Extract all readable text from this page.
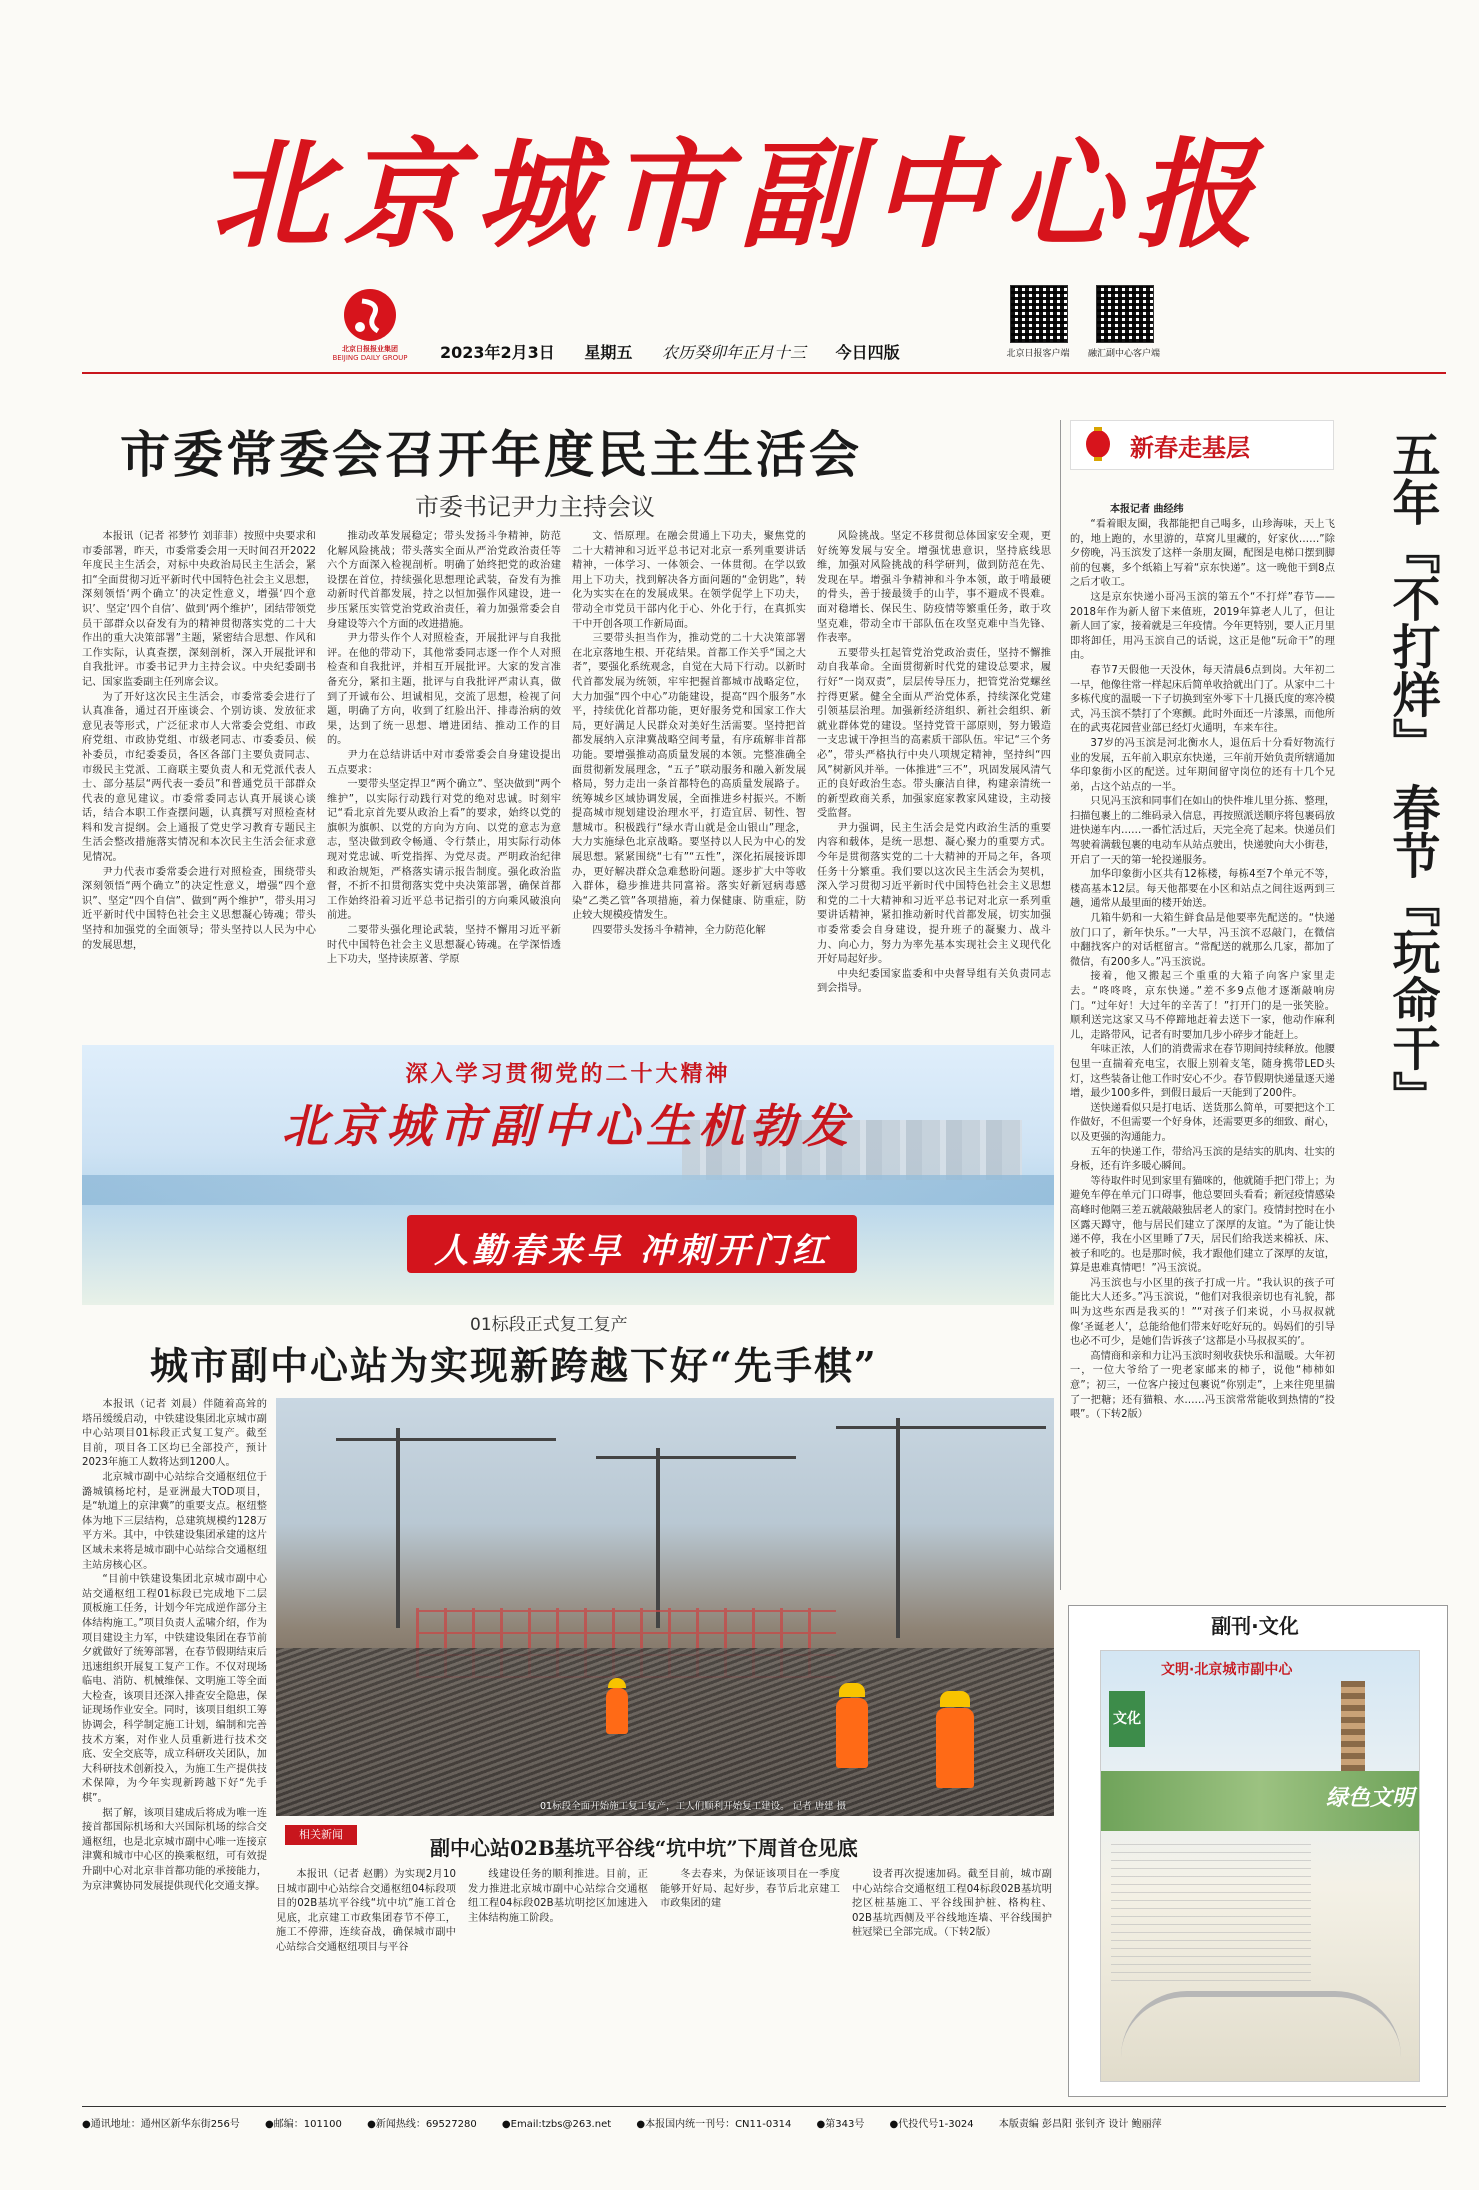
北京城市副中心报
北京日报报业集团
BEIJING DAILY GROUP 2023年2月3日 星期五 农历癸卯年正月十三 今日四版	北京日报客户端	融汇副中心客户端
市委常委会召开年度民主生活会
市委书记尹力主持会议

本报讯（记者 祁梦竹 刘菲菲）按照中央要求和市委部署，昨天，市委常委会用一天时间召开2022年度民主生活会，对标中央政治局民主生活会，紧扣“全面贯彻习近平新时代中国特色社会主义思想，深刻领悟‘两个确立’的决定性意义，增强‘四个意识’、坚定‘四个自信’、做到‘两个维护’，团结带领党员干部群众以奋发有为的精神贯彻落实党的二十大作出的重大决策部署”主题，紧密结合思想、作风和工作实际，认真查摆，深刻剖析，深入开展批评和自我批评。市委书记尹力主持会议。中央纪委副书记、国家监委副主任列席会议。

为了开好这次民主生活会，市委常委会进行了认真准备，通过召开座谈会、个别访谈、发放征求意见表等形式，广泛征求市人大常委会党组、市政府党组、市政协党组、市级老同志、市委委员、候补委员，市纪委委员，各区各部门主要负责同志、市级民主党派、工商联主要负责人和无党派代表人士、部分基层“两代表一委员”和普通党员干部群众代表的意见建议。市委常委同志认真开展谈心谈话，结合本职工作查摆问题，认真撰写对照检查材料和发言提纲。会上通报了党史学习教育专题民主生活会整改措施落实情况和本次民主生活会征求意见情况。

尹力代表市委常委会进行对照检查，围绕带头深刻领悟“两个确立”的决定性意义，增强“四个意识”、坚定“四个自信”、做到“两个维护”，带头用习近平新时代中国特色社会主义思想凝心铸魂；带头坚持和加强党的全面领导；带头坚持以人民为中心的发展思想，

推动改革发展稳定；带头发扬斗争精神，防范化解风险挑战；带头落实全面从严治党政治责任等六个方面深入检视剖析。明确了始终把党的政治建设摆在首位，持续强化思想理论武装，奋发有为推动新时代首都发展，持之以恒加强作风建设，进一步压紧压实管党治党政治责任，着力加强常委会自身建设等六个方面的改进措施。

尹力带头作个人对照检查，开展批评与自我批评。在他的带动下，其他常委同志逐一作个人对照检查和自我批评，并相互开展批评。大家的发言准备充分，紧扣主题，批评与自我批评严肃认真，做到了开诚布公、坦诚相见，交流了思想，检视了问题，明确了方向，收到了红脸出汗、排毒治病的效果，达到了统一思想、增进团结、推动工作的目的。

尹力在总结讲话中对市委常委会自身建设提出五点要求：

一要带头坚定捍卫“两个确立”、坚决做到“两个维护”，以实际行动践行对党的绝对忠诚。时刻牢记“看北京首先要从政治上看”的要求，始终以党的旗帜为旗帜、以党的方向为方向、以党的意志为意志，坚决做到政令畅通、令行禁止，用实际行动体现对党忠诚、听党指挥、为党尽责。严明政治纪律和政治规矩，严格落实请示报告制度。强化政治监督，不折不扣贯彻落实党中央决策部署，确保首都工作始终沿着习近平总书记指引的方向乘风破浪向前进。

二要带头强化理论武装，坚持不懈用习近平新时代中国特色社会主义思想凝心铸魂。在学深悟透上下功夫，坚持读原著、学原

文、悟原理。在融会贯通上下功夫，聚焦党的二十大精神和习近平总书记对北京一系列重要讲话精神，一体学习、一体领会、一体贯彻。在学以致用上下功夫，找到解决各方面问题的“金钥匙”，转化为实实在在的发展成果。在领学促学上下功夫，带动全市党员干部内化于心、外化于行，在真抓实干中开创各项工作新局面。

三要带头担当作为，推动党的二十大决策部署在北京落地生根、开花结果。首都工作关乎“国之大者”，要强化系统观念，自觉在大局下行动。以新时代首都发展为统领，牢牢把握首都城市战略定位，大力加强“四个中心”功能建设，提高“四个服务”水平，持续优化首都功能，更好服务党和国家工作大局，更好满足人民群众对美好生活需要。坚持把首都发展纳入京津冀战略空间考量，有序疏解非首都功能。要增强推动高质量发展的本领。完整准确全面贯彻新发展理念，“五子”联动服务和融入新发展格局，努力走出一条首都特色的高质量发展路子。统筹城乡区域协调发展，全面推进乡村振兴。不断提高城市规划建设治理水平，打造宜居、韧性、智慧城市。积极践行“绿水青山就是金山银山”理念，大力实施绿色北京战略。要坚持以人民为中心的发展思想。紧紧围绕“七有”“五性”，深化拓展接诉即办，更好解决群众急难愁盼问题。逐步扩大中等收入群体，稳步推进共同富裕。落实好新冠病毒感染“乙类乙管”各项措施，着力保健康、防重症，防止较大规模疫情发生。

四要带头发扬斗争精神，全力防范化解

风险挑战。坚定不移贯彻总体国家安全观，更好统筹发展与安全。增强忧患意识，坚持底线思维，加强对风险挑战的科学研判，做到防范在先、发现在早。增强斗争精神和斗争本领，敢于啃最硬的骨头，善于接最烫手的山芋，事不避成不畏难。面对稳增长、保民生、防疫情等繁重任务，敢于攻坚克难，带动全市干部队伍在攻坚克难中当先锋、作表率。

五要带头扛起管党治党政治责任，坚持不懈推动自我革命。全面贯彻新时代党的建设总要求，履行好“一岗双责”，层层传导压力，把管党治党螺丝拧得更紧。健全全面从严治党体系，持续深化党建引领基层治理。加强新经济组织、新社会组织、新就业群体党的建设。坚持党管干部原则，努力锻造一支忠诚干净担当的高素质干部队伍。牢记“三个务必”，带头严格执行中央八项规定精神，坚持纠“四风”树新风并举。一体推进“三不”，巩固发展风清气正的良好政治生态。带头廉洁自律，构建亲清统一的新型政商关系，加强家庭家教家风建设，主动接受监督。

尹力强调，民主生活会是党内政治生活的重要内容和载体，是统一思想、凝心聚力的重要方式。今年是贯彻落实党的二十大精神的开局之年，各项任务十分繁重。我们要以这次民主生活会为契机，深入学习贯彻习近平新时代中国特色社会主义思想和党的二十大精神和习近平总书记对北京一系列重要讲话精神，紧扣推动新时代首都发展，切实加强市委常委会自身建设，提升班子的凝聚力、战斗力、向心力，努力为率先基本实现社会主义现代化开好局起好步。

中央纪委国家监委和中央督导组有关负责同志到会指导。

新春走基层	五年『不打烊』 春节『玩命干』
本报记者 曲经纬

“看着眼友圈，我都能把自己喝多，山珍海味，天上飞的，地上跑的，水里游的，草窝儿里藏的，好家伙……”除夕傍晚，冯玉滨发了这样一条朋友圈，配图是电梯口摆到脚前的包裹，多个纸箱上写着“京东快递”。这一晚他干到8点之后才收工。

这是京东快递小哥冯玉滨的第五个“不打烊”春节——2018年作为新人留下来值班，2019年算老人儿了，但让新人回了家，接着就是三年疫情。今年更特别，要人正月里即将卸任，用冯玉滨自己的话说，这正是他“玩命干”的理由。

春节7天假他一天没休，每天清晨6点到岗。大年初二一早，他像往常一样起床后简单收拾就出门了。从家中二十多栋代度的温暖一下子切换到室外零下十几摄氏度的寒冷模式，冯玉滨不禁打了个寒颤。此时外面还一片漆黑，而他所在的武夷花园营业部已经灯火通明，车来车往。

37岁的冯玉滨是河北衡水人，退伍后十分看好物流行业的发展，五年前入职京东快递，三年前开始负责所辖通加华印象街小区的配送。过年期间留守岗位的还有十几个兄弟，占这个站点的一半。

只见冯玉滨和同事们在如山的快件堆儿里分拣、整理，扫描包裹上的二维码录入信息，再按照派送顺序将包裹码放进快递车内……一番忙活过后，天完全亮了起来。快递员们驾驶着满载包裹的电动车从站点驶出，快递驶向大小街巷，开启了一天的第一轮投递服务。

加华印象街小区共有12栋楼，每栋4至7个单元不等，楼高基本12层。每天他都要在小区和站点之间往返两到三趟，通常从最里面的楼开始送。

几箱牛奶和一大箱生鲜食品是他要率先配送的。“快递放门口了，新年快乐。”一大早，冯玉滨不忍敲门，在微信中翻找客户的对话框留言。“常配送的就那么几家，都加了微信，有200多人。”冯玉滨说。

接着，他又搬起三个重重的大箱子向客户家里走去。“咚咚咚，京东快递。”差不多9点他才逐渐敲响房门。“过年好！大过年的辛苦了！”打开门的是一张笑脸。顺利送完这家又马不停蹄地赶着去送下一家，他动作麻利儿，走路带风，记者有时要加几步小碎步才能赶上。

年味正浓，人们的消费需求在春节期间持续释放。他腰包里一直揣着充电宝，衣服上别着支笔，随身携带LED头灯，这些装备让他工作时安心不少。春节假期快递量逐天递增，最少100多件，到假日最后一天能到了200件。

送快递看似只是打电话、送货那么简单，可要把这个工作做好，不但需要一个好身体，还需要更多的细致、耐心，以及更强的沟通能力。

五年的快递工作，带给冯玉滨的是结实的肌肉、壮实的身板，还有许多暖心瞬间。

等待取件时见到家里有猫咪的，他就随手把门带上；为避免车停在单元门口碍事，他总要回头看看；新冠疫情感染高峰时他隔三差五就敲敲独居老人的家门。疫情封控时在小区露天蹲守，他与居民们建立了深厚的友谊。“为了能让快递不停，我在小区里睡了7天，居民们给我送来棉袄、床、被子和吃的。也是那时候，我才跟他们建立了深厚的友谊，算是患难真情吧！”冯玉滨说。

冯玉滨也与小区里的孩子打成一片。“我认识的孩子可能比大人还多。”冯玉滨说，“他们对我很亲切也有礼貌，都叫为这些东西是我买的！”“对孩子们来说，小马叔叔就像‘圣诞老人’，总能给他们带来好吃好玩的。妈妈们的引导也必不可少，是她们告诉孩子‘这都是小马叔叔买的’。

高情商和亲和力让冯玉滨时刻收获快乐和温暖。大年初一，一位大爷给了一兜老家邮来的柿子，说他“柿柿如意”；初三，一位客户接过包裹说“你别走”，上来往兜里揣了一把糖；还有猫粮、水……冯玉滨常常能收到热情的“投喂”。（下转2版）

深入学习贯彻党的二十大精神
北京城市副中心生机勃发
人勤春来早 冲刺开门红
01标段正式复工复产
城市副中心站为实现新跨越下好“先手棋”

本报讯（记者 刘晨）伴随着高耸的塔吊缓缓启动，中铁建设集团北京城市副中心站项目01标段正式复工复产。截至目前，项目各工区均已全部投产，预计2023年施工人数将达到1200人。

北京城市副中心站综合交通枢纽位于潞城镇杨坨村，是亚洲最大TOD项目，是“轨道上的京津冀”的重要支点。枢纽整体为地下三层结构，总建筑规模约128万平方米。其中，中铁建设集团承建的这片区域未来将是城市副中心站综合交通枢纽主站房核心区。

“目前中铁建设集团北京城市副中心站交通枢纽工程01标段已完成地下二层顶板施工任务，计划今年完成逆作部分主体结构施工。”项目负责人孟啸介绍，作为项目建设主力军，中铁建设集团在春节前夕就做好了统筹部署，在春节假期结束后迅速组织开展复工复产工作。不仅对现场临电、消防、机械维保、文明施工等全面大检查，该项目还深入排查安全隐患，保证现场作业安全。同时，该项目组织工筹协调会，科学制定施工计划，编制和完善技术方案，对作业人员重新进行技术交底、安全交底等，成立科研攻关团队，加大科研技术创新投入，为施工生产提供技术保障，为今年实现新跨越下好“先手棋”。

据了解，该项目建成后将成为唯一连接首都国际机场和大兴国际机场的综合交通枢纽，也是北京城市副中心唯一连接京津冀和城市中心区的换乘枢纽，可有效提升副中心对北京非首都功能的承接能力，为京津冀协同发展提供现代化交通支撑。

01标段全面开始施工复工复产，工人们顺利开始复工建设。 记者 唐建 摄
相关新闻
副中心站02B基坑平谷线“坑中坑”下周首仓见底

本报讯（记者 赵鹏）为实现2月10日城市副中心站综合交通枢纽04标段项目的02B基坑平谷线“坑中坑”施工首仓见底，北京建工市政集团春节不停工，施工不停滞，连续奋战，确保城市副中心站综合交通枢纽项目与平谷

线建设任务的顺利推进。目前，正发力推进北京城市副中心站综合交通枢纽工程04标段02B基坑明挖区加速进入主体结构施工阶段。

冬去春来，为保证该项目在一季度能够开好局、起好步，春节后北京建工市政集团的建

设者再次提速加码。截至目前，城市副中心站综合交通枢纽工程04标段02B基坑明挖区桩基施工、平谷线围护桩、格构柱、02B基坑西侧及平谷线地连墙、平谷线围护桩冠梁已全部完成。（下转2版）

副刊·文化
文明·北京城市副中心
文化
绿色文明
●通讯地址：通州区新华东街256号	●邮编：101100	●新闻热线：69527280	●Email:tzbs@263.net	●本报国内统一刊号：CN11-0314	●第343号	●代投代号1-3024	本版责编 彭昌阳 张钊齐 设计 鲍丽萍
